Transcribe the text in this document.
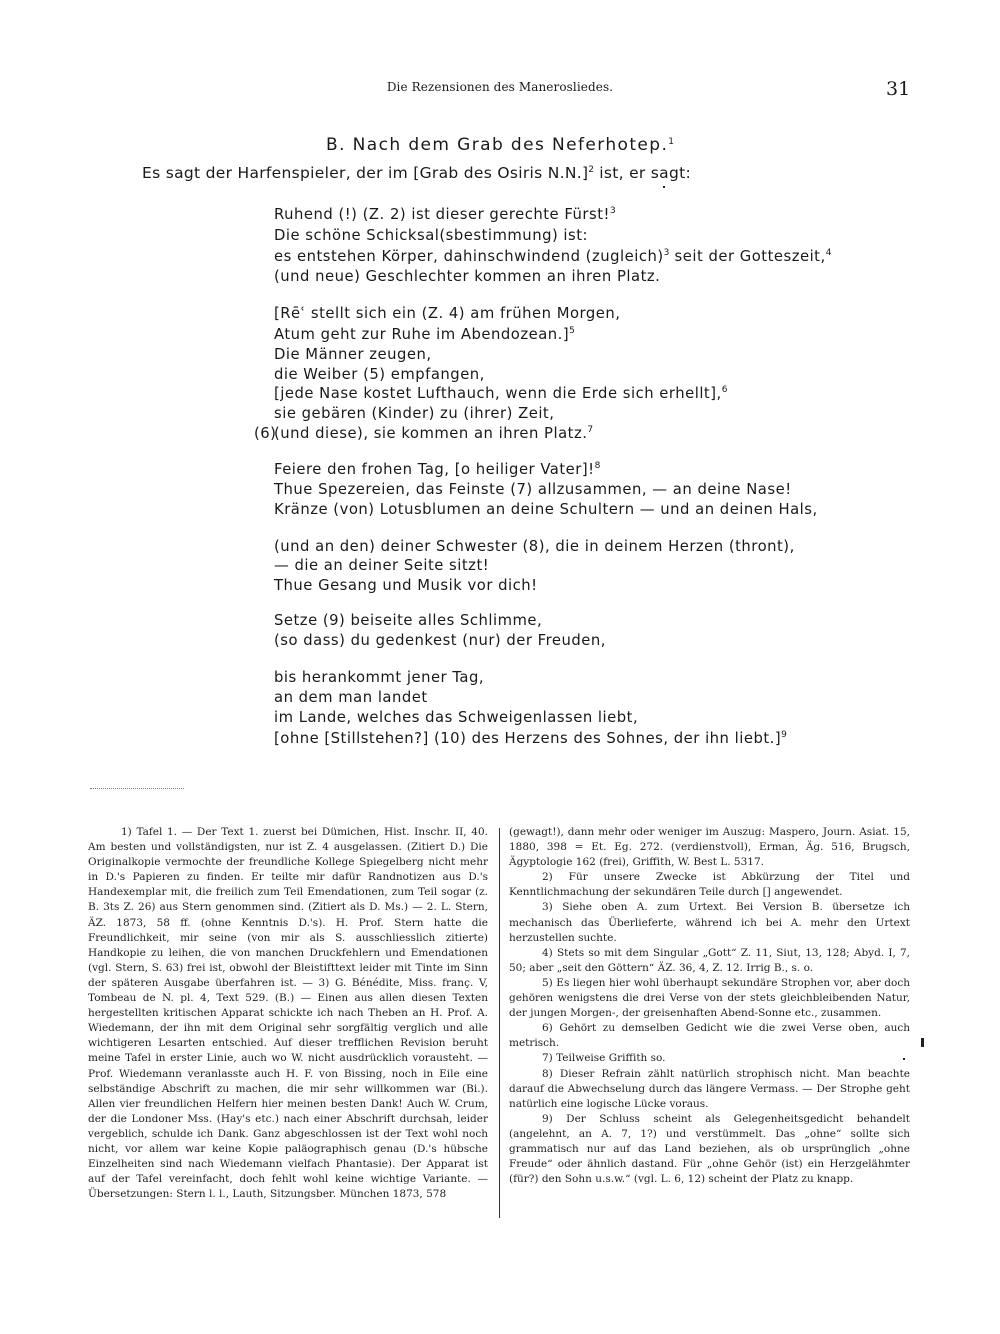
Die Rezensionen des Manerosliedes.	31
B. Nach dem Grab des Neferhotep.$^1$
Es sagt der Harfenspieler, der im [Grab des Osiris N.N.]$^2$ ist, er sagt:
Ruhend (!) (Z. 2) ist dieser gerechte Fürst!$^3$
Die schöne Schicksal(sbestimmung) ist:
es entstehen Körper, dahinschwindend (zugleich)$^3$ seit der Gotteszeit,$^4$
(und neue) Geschlechter kommen an ihren Platz.
[Rēʿ stellt sich ein (Z. 4) am frühen Morgen,
Atum geht zur Ruhe im Abendozean.]$^5$
Die Männer zeugen,
die Weiber (5) empfangen,
[jede Nase kostet Lufthauch, wenn die Erde sich erhellt],$^6$
sie gebären (Kinder) zu (ihrer) Zeit,
(6)
(und diese), sie kommen an ihren Platz.$^7$
Feiere den frohen Tag, [o heiliger Vater]!$^8$
Thue Spezereien, das Feinste (7) allzusammen, — an deine Nase!
Kränze (von) Lotusblumen an deine Schultern — und an deinen Hals,
(und an den) deiner Schwester (8), die in deinem Herzen (thront),
— die an deiner Seite sitzt!
Thue Gesang und Musik vor dich!
Setze (9) beiseite alles Schlimme,
(so dass) du gedenkest (nur) der Freuden,
bis herankommt jener Tag,
an dem man landet
im Lande, welches das Schweigenlassen liebt,
[ohne [Stillstehen?] (10) des Herzens des Sohnes, der ihn liebt.]$^9$

1) Tafel 1. — Der Text 1. zuerst bei Dümichen, Hist. Inschr. II, 40. Am besten und vollständigsten, nur ist Z. 4 ausgelassen. (Zitiert D.) Die Originalkopie vermochte der freundliche Kollege Spiegelberg nicht mehr in D.'s Papieren zu finden. Er teilte mir dafür Randnotizen aus D.'s Handexemplar mit, die freilich zum Teil Emendationen, zum Teil sogar (z. B. 3ts Z. 26) aus Stern genommen sind. (Zitiert als D. Ms.) — 2. L. Stern, ÄZ. 1873, 58 ff. (ohne Kenntnis D.'s). H. Prof. Stern hatte die Freundlichkeit, mir seine (von mir als S. ausschliesslich zitierte) Handkopie zu leihen, die von manchen Druckfehlern und Emendationen (vgl. Stern, S. 63) frei ist, obwohl der Bleistifttext leider mit Tinte im Sinn der späteren Ausgabe überfahren ist. — 3) G. Bénédite, Miss. franç. V, Tombeau de N. pl. 4, Text 529. (B.) — Einen aus allen diesen Texten hergestellten kritischen Apparat schickte ich nach Theben an H. Prof. A. Wiedemann, der ihn mit dem Original sehr sorgfältig verglich und alle wichtigeren Lesarten entschied. Auf dieser trefflichen Revision beruht meine Tafel in erster Linie, auch wo W. nicht ausdrücklich vorausteht. — Prof. Wiedemann veranlasste auch H. F. von Bissing, noch in Eile eine selbständige Abschrift zu machen, die mir sehr willkommen war (Bi.). Allen vier freundlichen Helfern hier meinen besten Dank! Auch W. Crum, der die Londoner Mss. (Hay's etc.) nach einer Abschrift durchsah, leider vergeblich, schulde ich Dank. Ganz abgeschlossen ist der Text wohl noch nicht, vor allem war keine Kopie paläographisch genau (D.'s hübsche Einzelheiten sind nach Wiedemann vielfach Phantasie). Der Apparat ist auf der Tafel vereinfacht, doch fehlt wohl keine wichtige Variante. — Übersetzungen: Stern l. l., Lauth, Sitzungsber. München 1873, 578

(gewagt!), dann mehr oder weniger im Auszug: Maspero, Journ. Asiat. 15, 1880, 398 = Et. Eg. 272. (verdienstvoll), Erman, Äg. 516, Brugsch, Ägyptologie 162 (frei), Griffith, W. Best L. 5317.

2) Für unsere Zwecke ist Abkürzung der Titel und Kenntlichmachung der sekundären Teile durch [] angewendet.

3) Siehe oben A. zum Urtext. Bei Version B. übersetze ich mechanisch das Überlieferte, während ich bei A. mehr den Urtext herzustellen suchte.

4) Stets so mit dem Singular „Gott“ Z. 11, Siut, 13, 128; Abyd. I, 7, 50; aber „seit den Göttern“ ÄZ. 36, 4, Z. 12. Irrig B., s. o.

5) Es liegen hier wohl überhaupt sekundäre Strophen vor, aber doch gehören wenigstens die drei Verse von der stets gleichbleibenden Natur, der jungen Morgen-, der greisenhaften Abend-Sonne etc., zusammen.

6) Gehört zu demselben Gedicht wie die zwei Verse oben, auch metrisch.

7) Teilweise Griffith so.

8) Dieser Refrain zählt natürlich strophisch nicht. Man beachte darauf die Abwechselung durch das längere Vermass. — Der Strophe geht natürlich eine logische Lücke voraus.

9) Der Schluss scheint als Gelegenheitsgedicht behandelt (angelehnt, an A. 7, 1?) und verstümmelt. Das „ohne“ sollte sich grammatisch nur auf das Land beziehen, als ob ursprünglich „ohne Freude“ oder ähnlich dastand. Für „ohne Gehör (ist) ein Herzgelähmter (für?) den Sohn u.s.w.“ (vgl. L. 6, 12) scheint der Platz zu knapp.
